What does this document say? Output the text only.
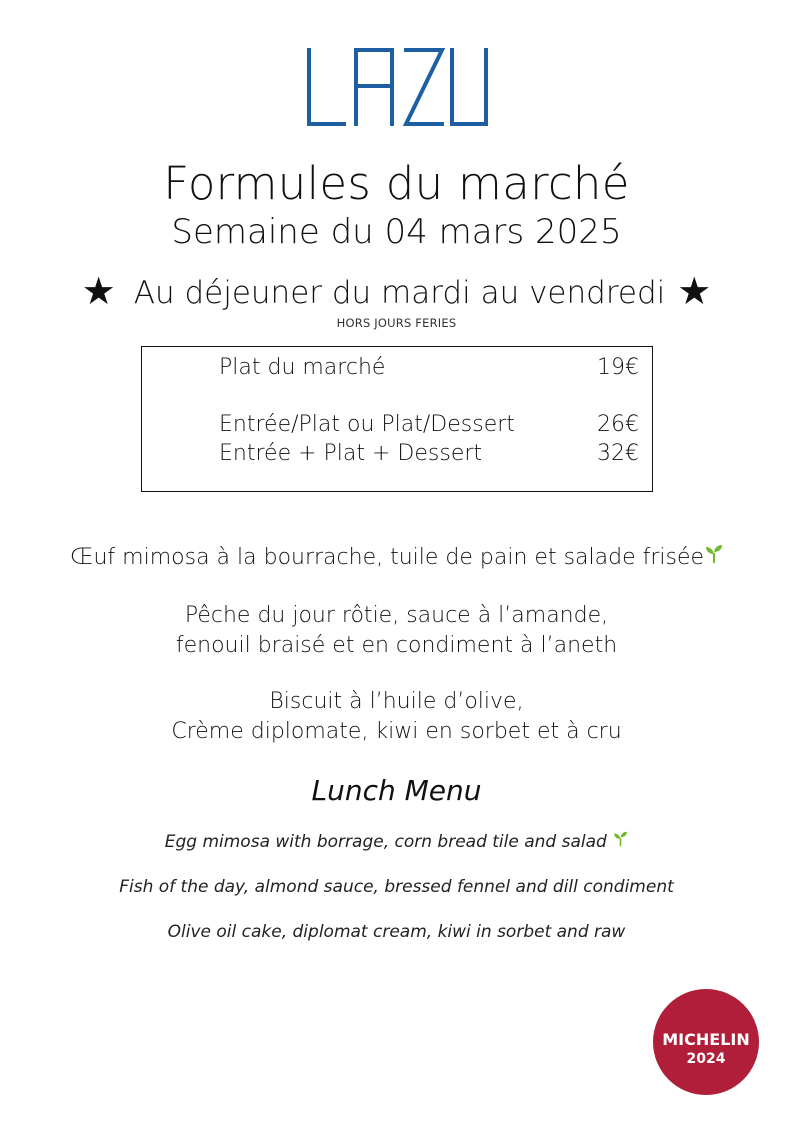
Formules du marché
Semaine du 04 mars 2025
★ Au déjeuner du mardi au vendredi ★
HORS JOURS FERIES
Plat du marché	19€
Entrée/Plat ou Plat/Dessert	26€
Entrée + Plat + Dessert	32€
Œuf mimosa à la bourrache, tuile de pain et salade frisée
Pêche du jour rôtie, sauce à l’amande,
fenouil braisé et en condiment à l’aneth
Biscuit à l’huile d’olive,
Crème diplomate, kiwi en sorbet et à cru
Lunch Menu
Egg mimosa with borrage, corn bread tile and salad
Fish of the day, almond sauce, bressed fennel and dill condiment
Olive oil cake, diplomat cream, kiwi in sorbet and raw
MICHELIN
2024
